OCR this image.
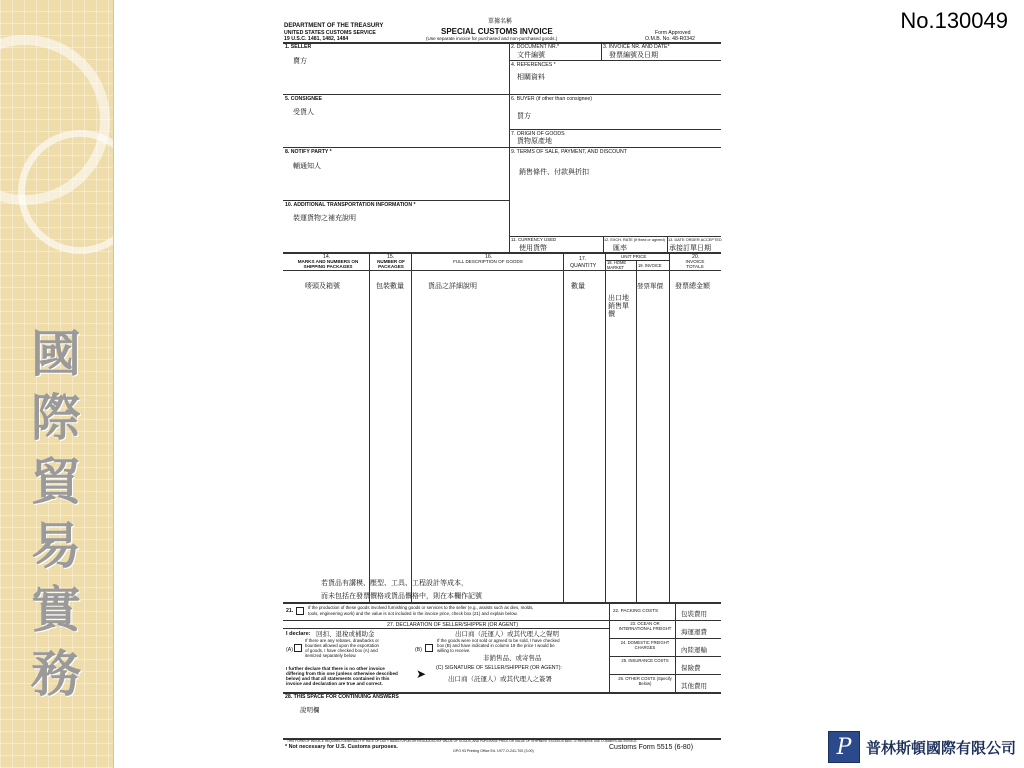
國際貿易實務
No.130049
DEPARTMENT OF THE TREASURY
UNITED STATES CUSTOMS SERVICE
19 U.S.C. 1481, 1482, 1484
單據名稱
SPECIAL CUSTOMS INVOICE
(Use separate invoice for purchased and non-purchased goods.)
Form Approved
O.M.B. No. 48-R0342
1. SELLER
賣方
2. DOCUMENT NR.*
文件編號
3. INVOICE NR. AND DATE*
發票編號及日期
4. REFERENCES *
相關資料
5. CONSIGNEE
受貨人
6. BUYER (if other than consignee)
買方
7. ORIGIN OF GOODS
貨物原產地
8. NOTIFY PARTY *
輔通知人
9. TERMS OF SALE, PAYMENT, AND DISCOUNT
銷售條件、付款與折扣
10. ADDITIONAL TRANSPORTATION INFORMATION *
裝運貨物之補充說明
11. CURRENCY USED
使用貨幣
12. EXCH. RATE (If fixed or agreed)
匯率
13. DATE ORDER ACCEPTED
承接訂單日期
14.
MARKS AND NUMBERS ON SHIPPING PACKAGES
15.
NUMBER OF PACKAGES
16.
FULL DESCRIPTION OF GOODS	17.
QUANTITY
UNIT PRICE
18. HOME MARKET	19. INVOICE
20.
INVOICE TOTALS
嘜頭及箱號	包裝數量	貨品之詳細說明	數量
出口地銷售單價
發票單價 發票總金額
若貨品有講模、壓型、工具、工程設計等成本，
而未包括在發票價格或貨品價格中，則在本欄作記號
21.
If the production of these goods involved furnishing goods or services to the seller (e.g., assists such as dies, molds,
tools, engineering work) and the value is not included in the invoice price, check box (21) and explain below.
27. DECLARATION OF SELLER/SHIPPER (OR AGENT)
I declare: 回扣、退稅或補助金
(A)
If there are any rebates, drawbacks or
bounties allowed upon the exportation
of goods, I have checked box (A) and
itemized separately below.
出口商（託運人）或其代理人之聲明
(B)
If the goods were not sold or agreed to be sold, I have checked
box (B) and have indicated in column 19 the price I would be
willing to receive.
非銷售品、或寄售品
I further declare that there is no other invoice
differing from this one (unless otherwise described
below) and that all statements contained in this
invoice and declaration are true and correct.
➤ (C) SIGNATURE OF SELLER/SHIPPER (OR AGENT):
出口商（託運人）或其代理人之簽署
22. PACKING COSTS	包裝費用
23. OCEAN OR INTERNATIONAL FREIGHT	海運運費
24. DOMESTIC FREIGHT CHARGES	內陸運輸
25. INSURANCE COSTS
保險費
26. OTHER COSTS (Specify Below)	其他費用
28. THIS SPACE FOR CONTINUING ANSWERS
說明欄
THIS FORM OF INVOICE REQUIRED GENERALLY IF RATE OF DUTY BASED UPON OR REGULATED BY VALUE OF GOODS, AND PURCHASE PRICE OR VALUE OF SHIPMENT EXCEEDS $500. OTHERWISE USE COMMERCIAL INVOICE.
* Not necessary for U.S. Customs purposes.
GPO 93 Printing Office Ed. 1977-O-241-700 (3.00)	Customs Form 5515 (6-80)	P 普林斯頓國際有限公司
